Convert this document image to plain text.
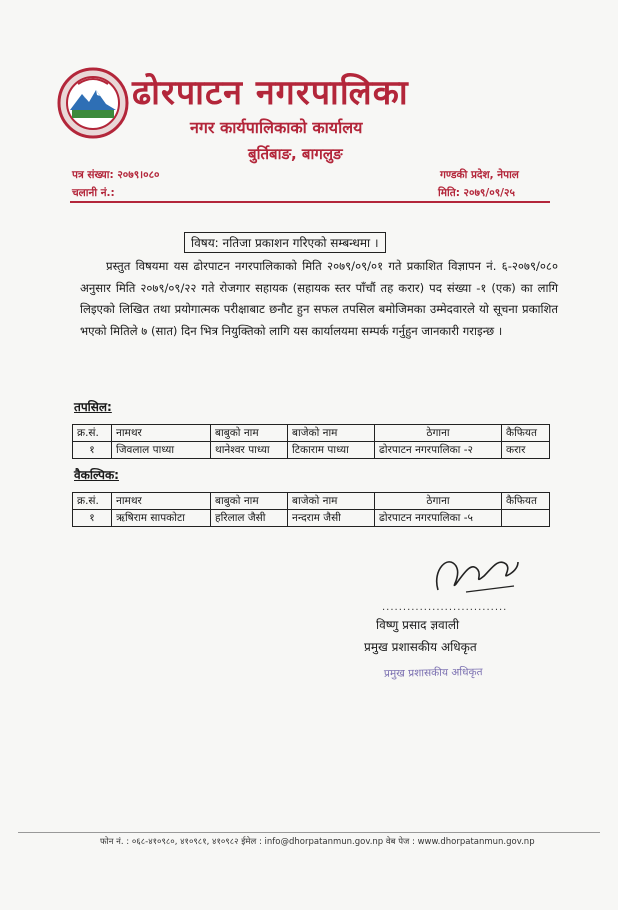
ढोरपाटन नगरपालिका
नगर कार्यपालिकाको कार्यालय
बुर्तिबाङ, बागलुङ
पत्र संख्या: २०७९।०८०
चलानी नं.:
गण्डकी प्रदेश, नेपाल
मिति: २०७९/०९/२५
विषय: नतिजा प्रकाशन गरिएको सम्बन्धमा ।

प्रस्तुत विषयमा यस ढोरपाटन नगरपालिकाको मिति २०७९/०९/०१ गते प्रकाशित विज्ञापन नं. ६-२०७९/०८० अनुसार मिति २०७९/०९/२२ गते रोजगार सहायक (सहायक स्तर पाँचौं तह करार) पद संख्या -१ (एक) का लागि लिइएको लिखित तथा प्रयोगात्मक परीक्षाबाट छनौट हुन सफल तपसिल बमोजिमका उम्मेदवारले यो सूचना प्रकाशित भएको मितिले ७ (सात) दिन भित्र नियुक्तिको लागि यस कार्यालयमा सम्पर्क गर्नुहुन जानकारी गराइन्छ ।

तपसिल:
क्र.सं.	नामथर	बाबुको नाम	बाजेको नाम	ठेगाना	कैफियत
१	जिवलाल पाध्या	थानेश्वर पाध्या	टिकाराम पाध्या	ढोरपाटन नगरपालिका -२	करार
वैकल्पिक:
क्र.सं.	नामथर	बाबुको नाम	बाजेको नाम	ठेगाना	कैफियत
१	ऋषिराम सापकोटा	हरिलाल जैसी	नन्दराम जैसी	ढोरपाटन नगरपालिका -५	
..............................
विष्णु प्रसाद ज्ञवाली
प्रमुख प्रशासकीय अधिकृत
प्रमुख प्रशासकीय अधिकृत
फोन नं. : ०६८-४१०९८०, ४१०९८१, ४१०९८२ ईमेल : info@dhorpatanmun.gov.np वेब पेज : www.dhorpatanmun.gov.np
